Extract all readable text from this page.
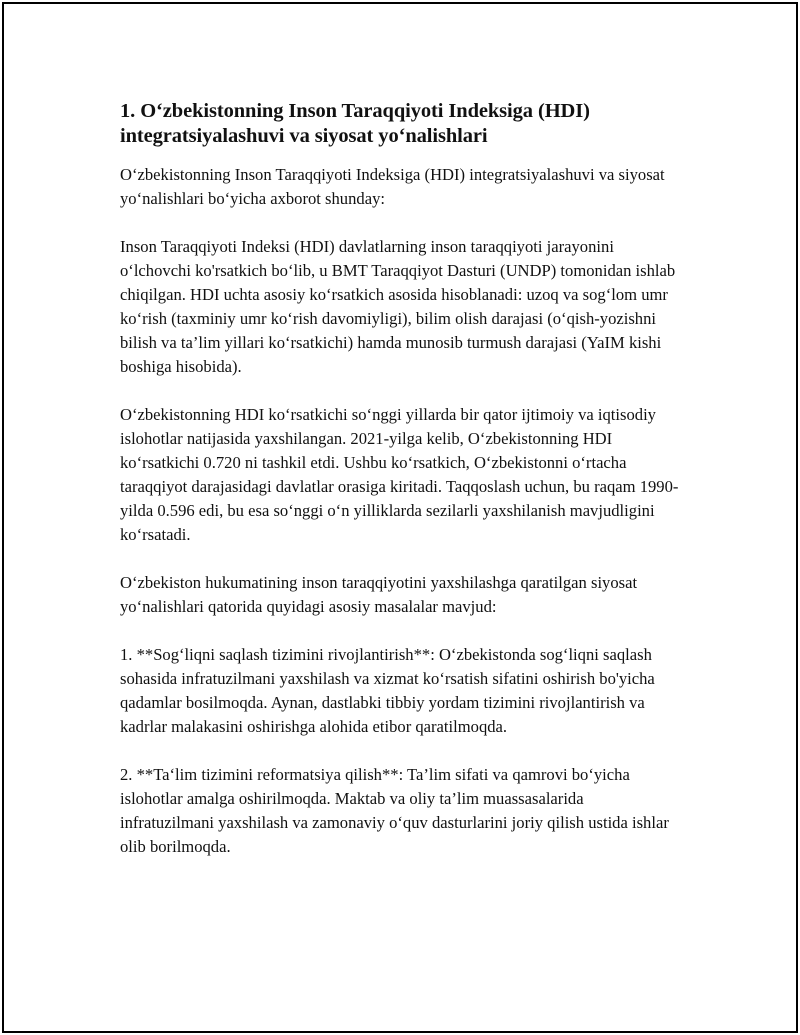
1. O‘zbekistonning Inson Taraqqiyoti Indeksiga (HDI) integratsiyalashuvi va siyosat yo‘nalishlari

O‘zbekistonning Inson Taraqqiyoti Indeksiga (HDI) integratsiyalashuvi va siyosat yo‘nalishlari bo‘yicha axborot shunday:

Inson Taraqqiyoti Indeksi (HDI) davlatlarning inson taraqqiyoti jarayonini o‘lchovchi ko'rsatkich bo‘lib, u BMT Taraqqiyot Dasturi (UNDP) tomonidan ishlab chiqilgan. HDI uchta asosiy ko‘rsatkich asosida hisoblanadi: uzoq va sog‘lom umr ko‘rish (taxminiy umr ko‘rish davomiyligi), bilim olish darajasi (o‘qish-yozishni bilish va ta’lim yillari ko‘rsatkichi) hamda munosib turmush darajasi (YaIM kishi boshiga hisobida).

O‘zbekistonning HDI ko‘rsatkichi so‘nggi yillarda bir qator ijtimoiy va iqtisodiy islohotlar natijasida yaxshilangan. 2021-yilga kelib, O‘zbekistonning HDI ko‘rsatkichi 0.720 ni tashkil etdi. Ushbu ko‘rsatkich, O‘zbekistonni o‘rtacha taraqqiyot darajasidagi davlatlar orasiga kiritadi. Taqqoslash uchun, bu raqam 1990-yilda 0.596 edi, bu esa so‘nggi o‘n yilliklarda sezilarli yaxshilanish mavjudligini ko‘rsatadi.

O‘zbekiston hukumatining inson taraqqiyotini yaxshilashga qaratilgan siyosat yo‘nalishlari qatorida quyidagi asosiy masalalar mavjud:

1. **Sog‘liqni saqlash tizimini rivojlantirish**: O‘zbekistonda sog‘liqni saqlash sohasida infratuzilmani yaxshilash va xizmat ko‘rsatish sifatini oshirish bo'yicha qadamlar bosilmoqda. Aynan, dastlabki tibbiy yordam tizimini rivojlantirish va kadrlar malakasini oshirishga alohida etibor qaratilmoqda.

2. **Ta‘lim tizimini reformatsiya qilish**: Ta’lim sifati va qamrovi bo‘yicha islohotlar amalga oshirilmoqda. Maktab va oliy ta’lim muassasalarida infratuzilmani yaxshilash va zamonaviy o‘quv dasturlarini joriy qilish ustida ishlar olib borilmoqda.
